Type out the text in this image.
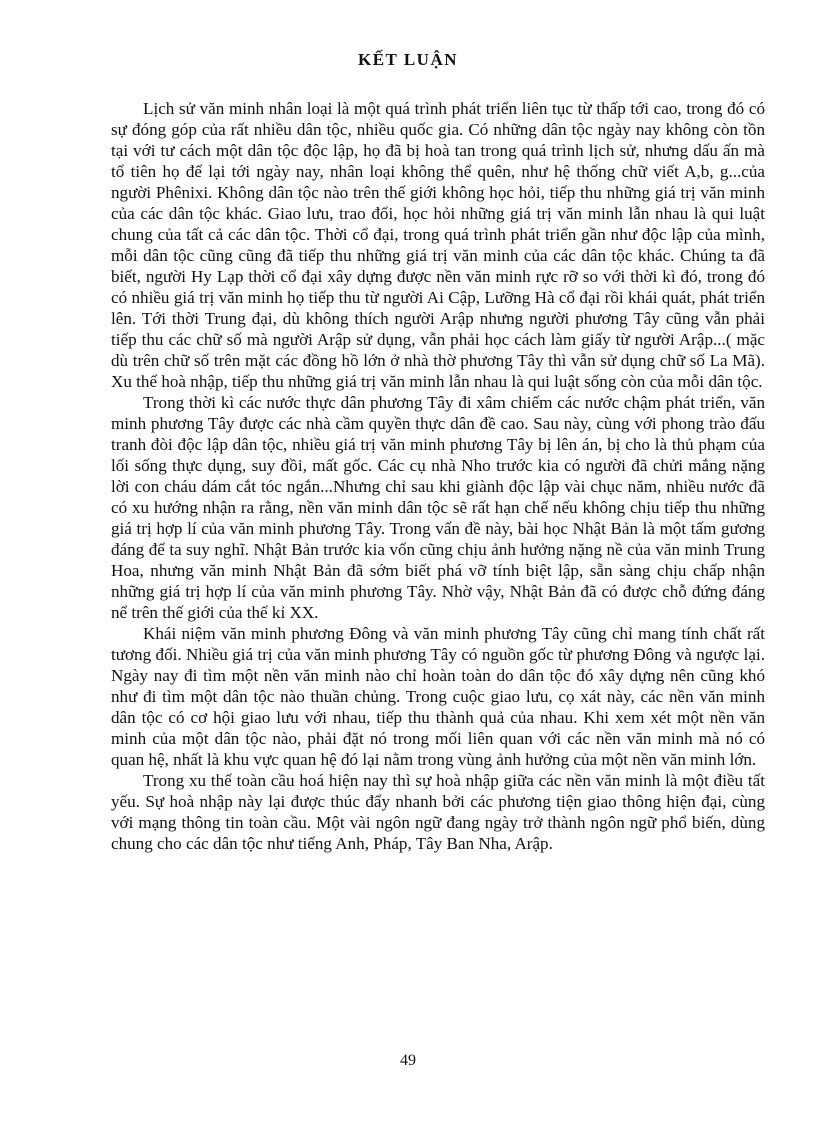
KẾT LUẬN

Lịch sử văn minh nhân loại là một quá trình phát triển liên tục từ thấp tới cao, trong đó có sự đóng góp của rất nhiều dân tộc, nhiều quốc gia. Có những dân tộc ngày nay không còn tồn tại với tư cách một dân tộc độc lập, họ đã bị hoà tan trong quá trình lịch sử, nhưng dấu ấn mà tổ tiên họ để lại tới ngày nay, nhân loại không thể quên, như hệ thống chữ viết A,b, g...của người Phênixi. Không dân tộc nào trên thế giới không học hỏi, tiếp thu những giá trị văn minh của các dân tộc khác. Giao lưu, trao đổi, học hỏi những giá trị văn minh lẫn nhau là qui luật chung của tất cả các dân tộc. Thời cổ đại, trong quá trình phát triển gần như độc lập của mình, mỗi dân tộc cũng cũng đã tiếp thu những giá trị văn minh của các dân tộc khác. Chúng ta đã biết, người Hy Lạp thời cổ đại xây dựng được nền văn minh rực rỡ so với thời kì đó, trong đó có nhiều giá trị văn minh họ tiếp thu từ người Ai Cập, Lưỡng Hà cổ đại rồi khái quát, phát triển lên. Tới thời Trung đại, dù không thích người Arập nhưng người phương Tây cũng vẫn phải tiếp thu các chữ số mà người Arập sử dụng, vẫn phải học cách làm giấy từ người Arập...( mặc dù trên chữ số trên mặt các đồng hồ lớn ở nhà thờ phương Tây thì vẫn sử dụng chữ số La Mã). Xu thế hoà nhập, tiếp thu những giá trị văn minh lẫn nhau là qui luật sống còn của mỗi dân tộc.

Trong thời kì các nước thực dân phương Tây đi xâm chiếm các nước chậm phát triển, văn minh phương Tây được các nhà cầm quyền thực dân đề cao. Sau này, cùng với phong trào đấu tranh đòi độc lập dân tộc, nhiều giá trị văn minh phương Tây bị lên án, bị cho là thủ phạm của lối sống thực dụng, suy đồi, mất gốc. Các cụ nhà Nho trước kia có người đã chửi mắng nặng lời con cháu dám cắt tóc ngắn...Nhưng chỉ sau khi giành độc lập vài chục năm, nhiều nước đã có xu hướng nhận ra rằng, nền văn minh dân tộc sẽ rất hạn chế nếu không chịu tiếp thu những giá trị hợp lí của văn minh phương Tây. Trong vấn đề này, bài học Nhật Bản là một tấm gương đáng để ta suy nghĩ. Nhật Bản trước kia vốn cũng chịu ảnh hưởng nặng nề của văn minh Trung Hoa, nhưng văn minh Nhật Bản đã sớm biết phá vỡ tính biệt lập, sẵn sàng chịu chấp nhận những giá trị hợp lí của văn minh phương Tây. Nhờ vậy, Nhật Bản đã có được chỗ đứng đáng nể trên thế giới của thế kỉ XX.

Khái niệm văn minh phương Đông và văn minh phương Tây cũng chỉ mang tính chất rất tương đối. Nhiều giá trị của văn minh phương Tây có nguồn gốc từ phương Đông và ngược lại. Ngày nay đi tìm một nền văn minh nào chỉ hoàn toàn do dân tộc đó xây dựng nên cũng khó như đi tìm một dân tộc nào thuần chủng. Trong cuộc giao lưu, cọ xát này, các nền văn minh dân tộc có cơ hội giao lưu với nhau, tiếp thu thành quả của nhau. Khi xem xét một nền văn minh của một dân tộc nào, phải đặt nó trong mối liên quan với các nền văn minh mà nó có quan hệ, nhất là khu vực quan hệ đó lại nằm trong vùng ảnh hưởng của một nền văn minh lớn.

Trong xu thế toàn cầu hoá hiện nay thì sự hoà nhập giữa các nền văn minh là một điều tất yếu. Sự hoà nhập này lại được thúc đẩy nhanh bởi các phương tiện giao thông hiện đại, cùng với mạng thông tin toàn cầu. Một vài ngôn ngữ đang ngày trở thành ngôn ngữ phổ biến, dùng chung cho các dân tộc như tiếng Anh, Pháp, Tây Ban Nha, Arập.

49
